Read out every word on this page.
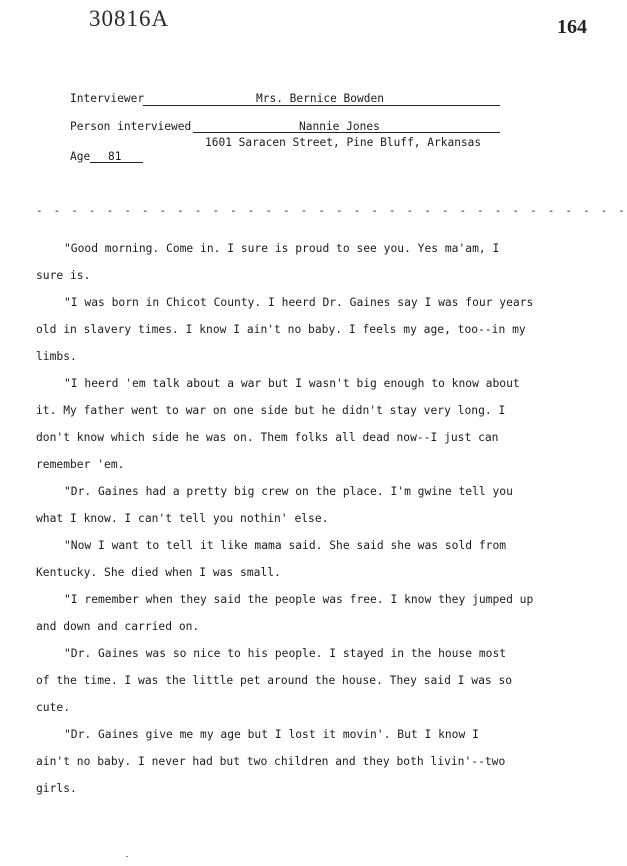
30816A	164
Interviewer	Mrs. Bernice Bowden
Person interviewed	Nannie Jones
1601 Saracen Street, Pine Bluff, Arkansas
Age 81
- - - - - - - - - - - - - - - - - - - - - - - - - - - - - - - - - -
"Good morning. Come in. I sure is proud to see you. Yes ma'am, I
sure is.
"I was born in Chicot County. I heerd Dr. Gaines say I was four years
old in slavery times. I know I ain't no baby. I feels my age, too--in my
limbs.
"I heerd 'em talk about a war but I wasn't big enough to know about
it. My father went to war on one side but he didn't stay very long. I
don't know which side he was on. Them folks all dead now--I just can
remember 'em.
"Dr. Gaines had a pretty big crew on the place. I'm gwine tell you
what I know. I can't tell you nothin' else.
"Now I want to tell it like mama said. She said she was sold from
Kentucky. She died when I was small.
"I remember when they said the people was free. I know they jumped up
and down and carried on.
"Dr. Gaines was so nice to his people. I stayed in the house most
of the time. I was the little pet around the house. They said I was so
cute.
"Dr. Gaines give me my age but I lost it movin'. But I know I
ain't no baby. I never had but two children and they both livin'--two
girls.
